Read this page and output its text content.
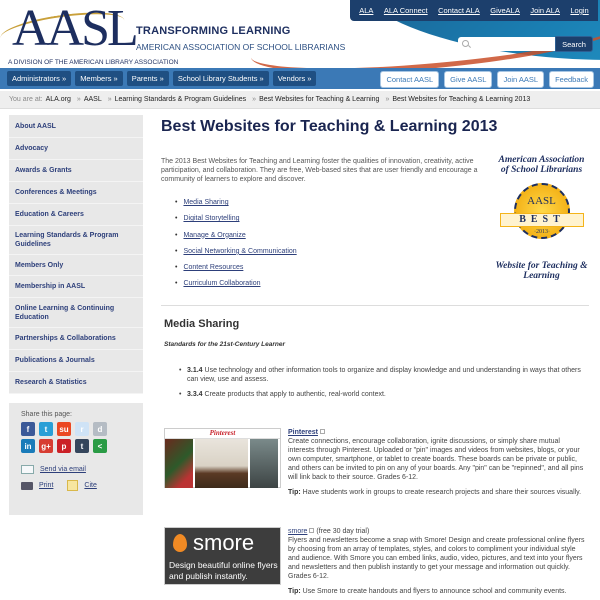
AASL TRANSFORMING LEARNING
AMERICAN ASSOCIATION OF SCHOOL LIBRARIANS
A DIVISION OF THE AMERICAN LIBRARY ASSOCIATION
ALA ALA Connect Contact ALA GiveALA Join ALA Login
Search
Administrators »	Members »	Parents »	School Library Students »	Vendors »	Contact AASL	Give AASL	Join AASL	Feedback
You are at: ALA.org » AASL » Learning Standards & Program Guidelines » Best Websites for Teaching & Learning » Best Websites for Teaching & Learning 2013
About AASL
Advocacy
Awards & Grants
Conferences & Meetings
Education & Careers
Learning Standards & Program Guidelines
Members Only
Membership in AASL
Online Learning & Continuing Education
Partnerships & Collaborations
Publications & Journals
Research & Statistics
Share this page:
f	t	su	r	d
in	g+	p	t	<
Send via email
Print	Cite
Best Websites for Teaching & Learning 2013

The 2013 Best Websites for Teaching and Learning foster the qualities of innovation, creativity, active participation, and collaboration. They are free, Web-based sites that are user friendly and encourage a community of learners to explore and discover.

• Media Sharing
• Digital Storytelling
• Manage & Organize
• Social Networking & Communication
• Content Resources
• Curriculum Collaboration
American Association of School Librarians
AASL
BEST
·2013·
Website for Teaching & Learning
Media Sharing
Standards for the 21st-Century Learner
• 3.1.4 Use technology and other information tools to organize and display knowledge and und understanding in ways that others can view, use and assess.
• 3.3.4 Create products that apply to authentic, real-world context.
Pinterest	Pinterest
Create connections, encourage collaboration, ignite discussions, or simply share mutual interests through Pinterest. Uploaded or "pin" images and videos from websites, blogs, or your own computer, smartphone, or tablet to create boards. These boards can be private or public, and others can be invited to pin on any of your boards. Any "pin" can be "repinned", and all pins will link back to their source. Grades 6-12.
Tip: Have students work in groups to create research projects and share their sources visually.
smore
Design beautiful online flyers and publish instantly.
smore (free 30 day trial)
Flyers and newsletters become a snap with Smore! Design and create professional online flyers by choosing from an array of templates, styles, and colors to compliment your individual style and audience. With Smore you can embed links, audio, video, pictures, and text into your flyers and newsletters and then publish instantly to get your message and information out quickly. Grades 6-12.
Tip: Use Smore to create handouts and flyers to announce school and community events.
